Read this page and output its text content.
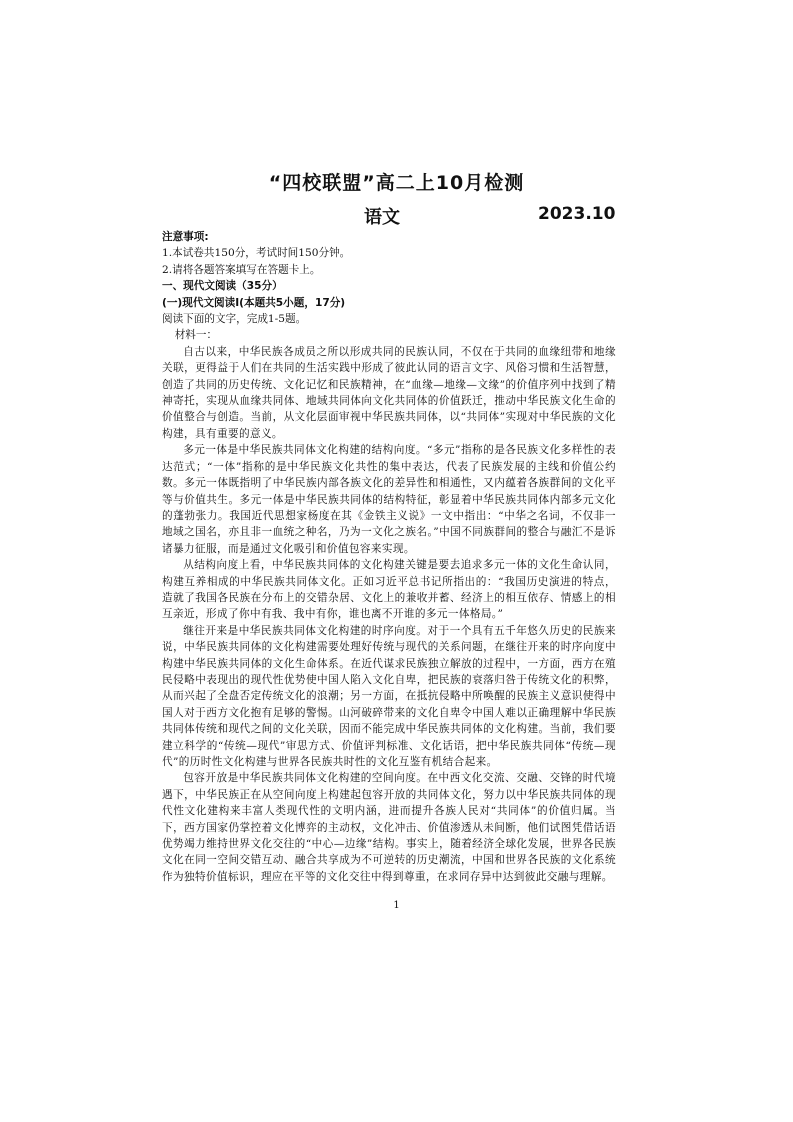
“四校联盟”高二上10月检测
语文	2023.10

注意事项:

1.本试卷共150分，考试时间150分钟。

2.请将各题答案填写在答题卡上。

一、现代文阅读（35分）

(一)现代文阅读Ⅰ(本题共5小题，17分)

阅读下面的文字，完成1-5题。

材料一：

自古以来，中华民族各成员之所以形成共同的民族认同，不仅在于共同的血缘纽带和地缘关联，更得益于人们在共同的生活实践中形成了彼此认同的语言文字、风俗习惯和生活智慧，创造了共同的历史传统、文化记忆和民族精神，在“血缘—地缘—文缘”的价值序列中找到了精神寄托，实现从血缘共同体、地域共同体向文化共同体的价值跃迁，推动中华民族文化生命的价值整合与创造。当前，从文化层面审视中华民族共同体，以“共同体”实现对中华民族的文化构建，具有重要的意义。

多元一体是中华民族共同体文化构建的结构向度。“多元”指称的是各民族文化多样性的表达范式；“一体”指称的是中华民族文化共性的集中表达，代表了民族发展的主线和价值公约数。多元一体既指明了中华民族内部各族文化的差异性和相通性，又内蕴着各族群间的文化平等与价值共生。多元一体是中华民族共同体的结构特征，彰显着中华民族共同体内部多元文化的蓬勃张力。我国近代思想家杨度在其《金铁主义说》一文中指出：“中华之名词，不仅非一地域之国名，亦且非一血统之种名，乃为一文化之族名。”中国不同族群间的整合与融汇不是诉诸暴力征服，而是通过文化吸引和价值包容来实现。

从结构向度上看，中华民族共同体的文化构建关键是要去追求多元一体的文化生命认同，构建互养相成的中华民族共同体文化。正如习近平总书记所指出的：“我国历史演进的特点，造就了我国各民族在分布上的交错杂居、文化上的兼收并蓄、经济上的相互依存、情感上的相互亲近，形成了你中有我、我中有你，谁也离不开谁的多元一体格局。”

继往开来是中华民族共同体文化构建的时序向度。对于一个具有五千年悠久历史的民族来说，中华民族共同体的文化构建需要处理好传统与现代的关系问题，在继往开来的时序向度中构建中华民族共同体的文化生命体系。在近代谋求民族独立解放的过程中，一方面，西方在殖民侵略中表现出的现代性优势使中国人陷入文化自卑，把民族的衰落归咎于传统文化的积弊，从而兴起了全盘否定传统文化的浪潮；另一方面，在抵抗侵略中所唤醒的民族主义意识使得中国人对于西方文化抱有足够的警惕。山河破碎带来的文化自卑令中国人难以正确理解中华民族共同体传统和现代之间的文化关联，因而不能完成中华民族共同体的文化构建。当前，我们要建立科学的“传统—现代”审思方式、价值评判标准、文化话语，把中华民族共同体“传统—现代”的历时性文化构建与世界各民族共时性的文化互鉴有机结合起来。

包容开放是中华民族共同体文化构建的空间向度。在中西文化交流、交融、交锋的时代境遇下，中华民族正在从空间向度上构建起包容开放的共同体文化，努力以中华民族共同体的现代性文化建构来丰富人类现代性的文明内涵，进而提升各族人民对“共同体”的价值归属。当下，西方国家仍掌控着文化博弈的主动权，文化冲击、价值渗透从未间断，他们试图凭借话语优势竭力维持世界文化交往的“中心—边缘”结构。事实上，随着经济全球化发展，世界各民族文化在同一空间交错互动、融合共享成为不可逆转的历史潮流，中国和世界各民族的文化系统作为独特价值标识，理应在平等的文化交往中得到尊重，在求同存异中达到彼此交融与理解。

1
